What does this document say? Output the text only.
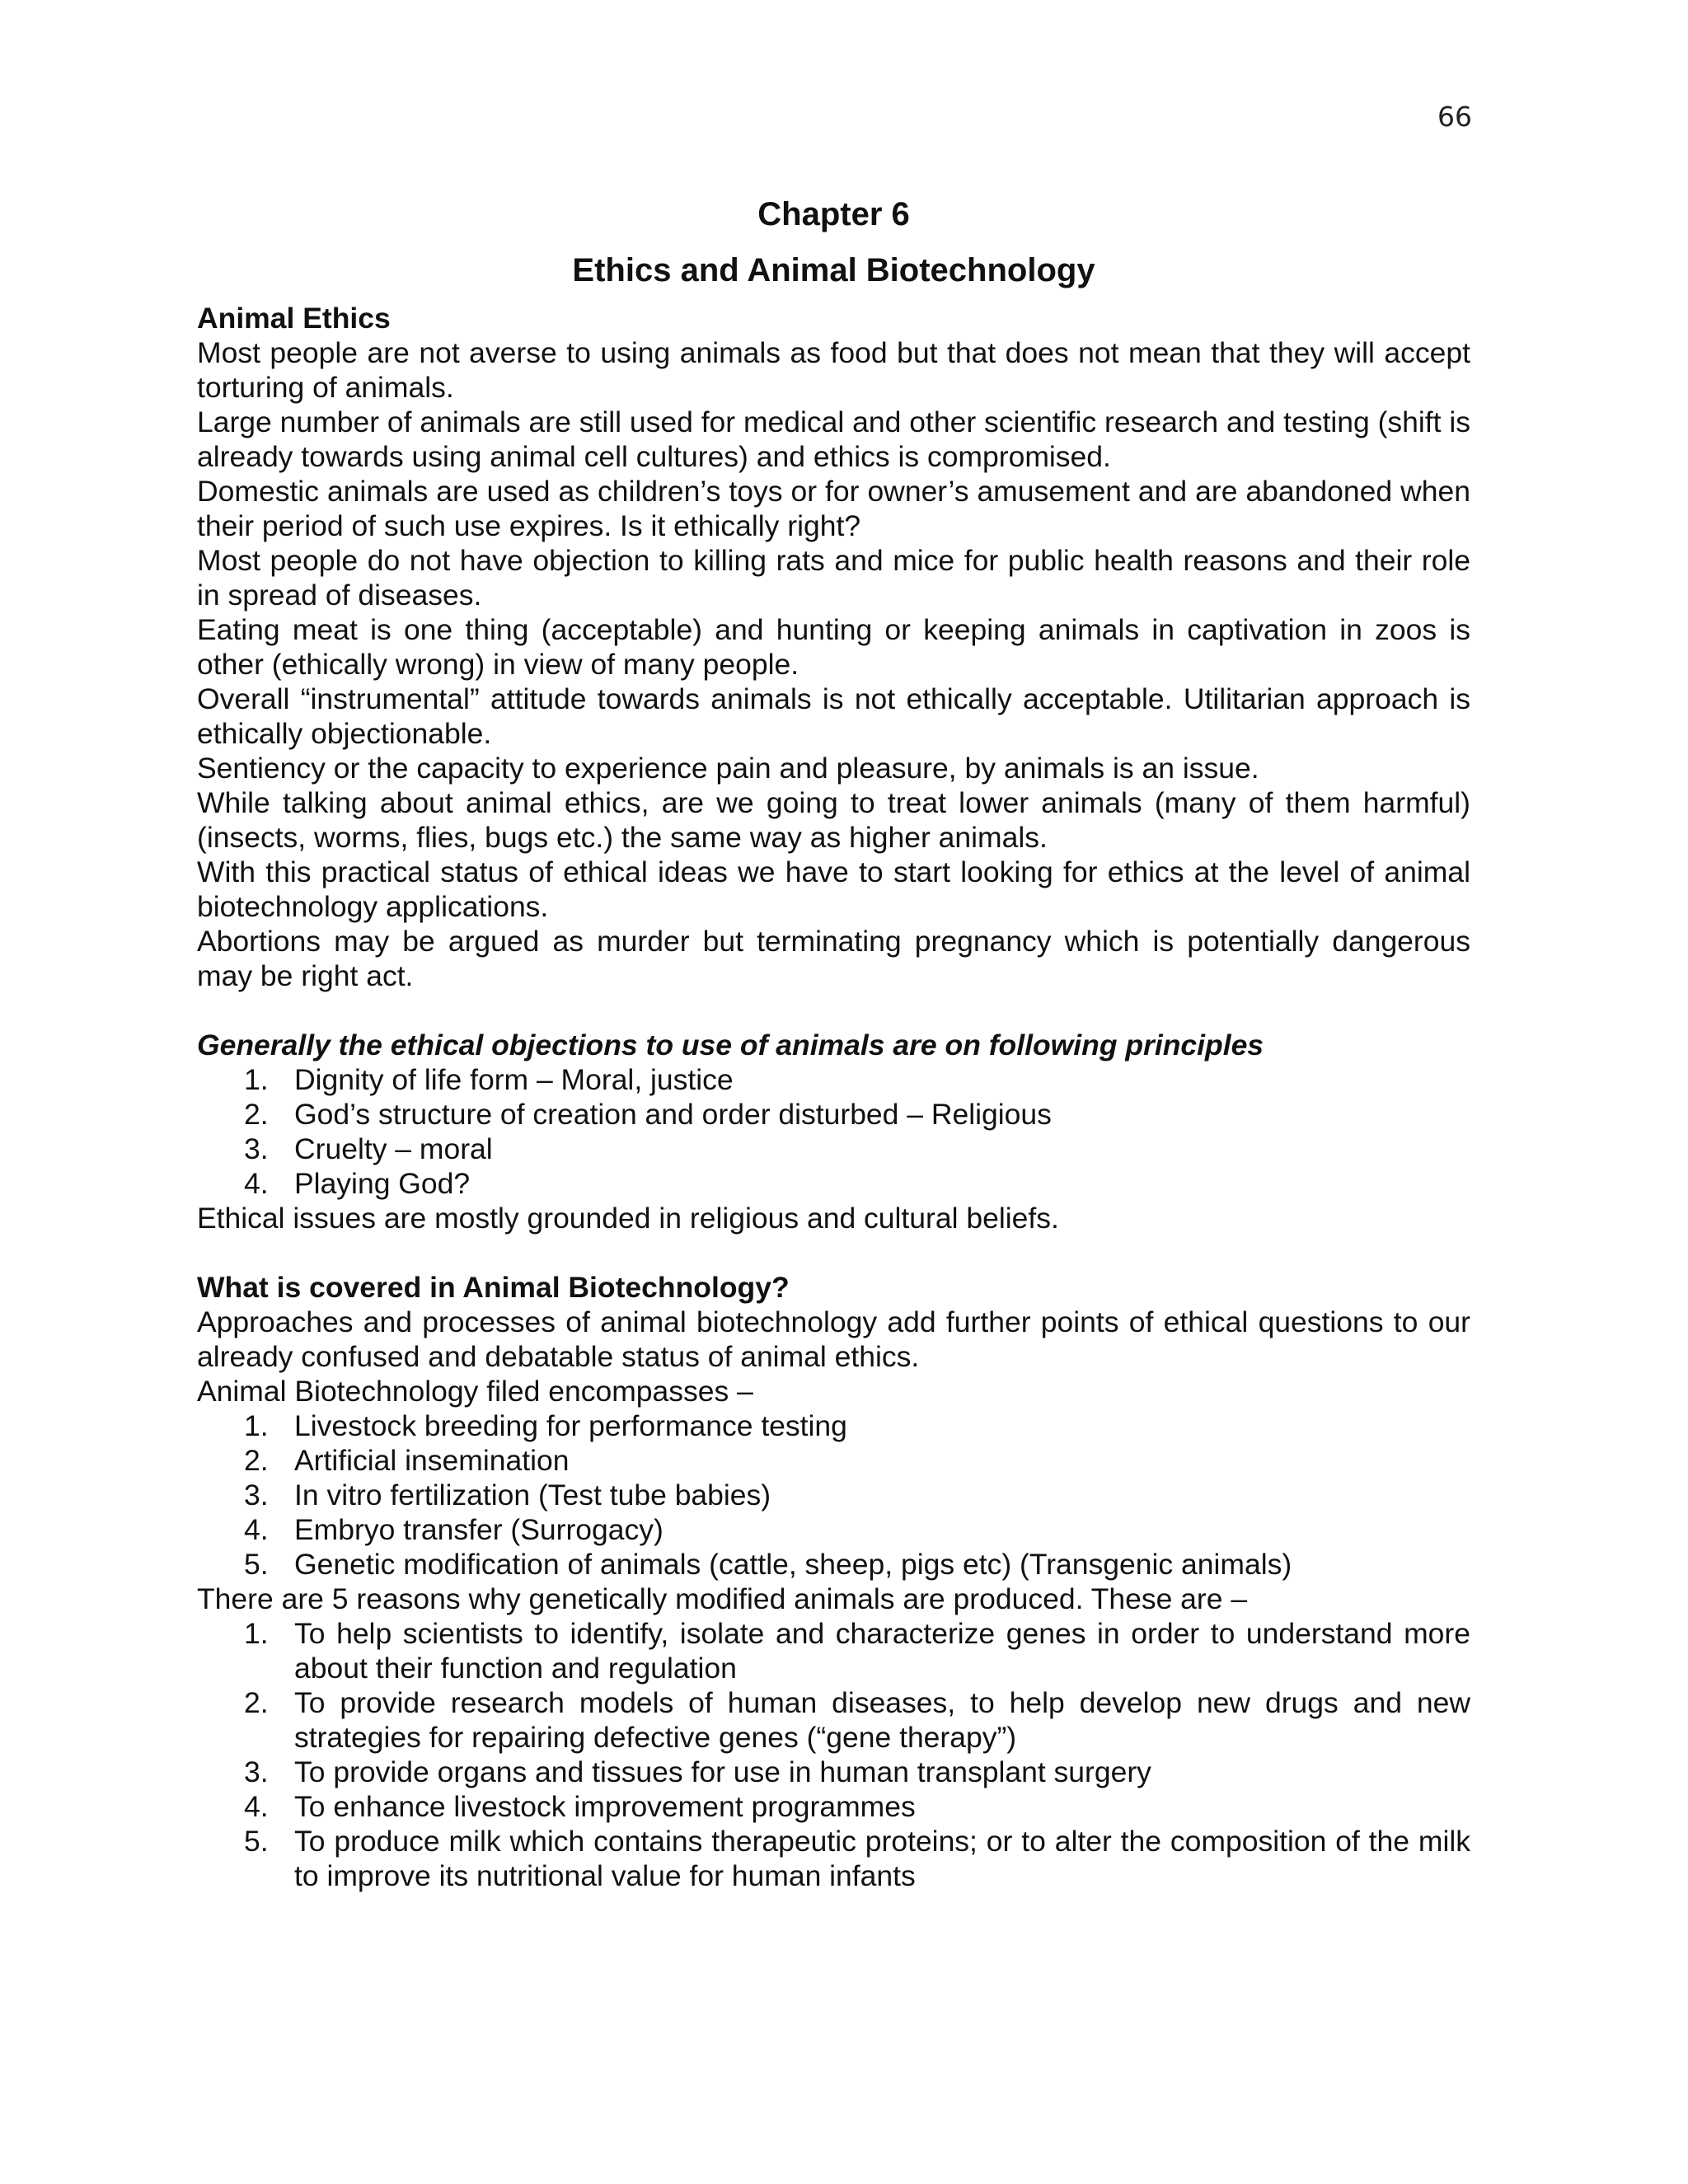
66
Chapter 6
Ethics and Animal Biotechnology
Animal Ethics

Most people are not averse to using animals as food but that does not mean that they will accept torturing of animals.

Large number of animals are still used for medical and other scientific research and testing (shift is already towards using animal cell cultures) and ethics is compromised.

Domestic animals are used as children’s toys or for owner’s amusement and are abandoned when their period of such use expires. Is it ethically right?

Most people do not have objection to killing rats and mice for public health reasons and their role in spread of diseases.

Eating meat is one thing (acceptable) and hunting or keeping animals in captivation in zoos is other (ethically wrong) in view of many people.

Overall “instrumental” attitude towards animals is not ethically acceptable. Utilitarian approach is ethically objectionable.

Sentiency or the capacity to experience pain and pleasure, by animals is an issue.

While talking about animal ethics, are we going to treat lower animals (many of them harmful) (insects, worms, flies, bugs etc.) the same way as higher animals.

With this practical status of ethical ideas we have to start looking for ethics at the level of animal biotechnology applications.

Abortions may be argued as murder but terminating pregnancy which is potentially dangerous may be right act.

Generally the ethical objections to use of animals are on following principles
1. Dignity of life form – Moral, justice
2. God’s structure of creation and order disturbed – Religious
3. Cruelty – moral
4. Playing God?

Ethical issues are mostly grounded in religious and cultural beliefs.

What is covered in Animal Biotechnology?

Approaches and processes of animal biotechnology add further points of ethical questions to our already confused and debatable status of animal ethics.

Animal Biotechnology filed encompasses –

1. Livestock breeding for performance testing
2. Artificial insemination
3. In vitro fertilization (Test tube babies)
4. Embryo transfer (Surrogacy)
5. Genetic modification of animals (cattle, sheep, pigs etc) (Transgenic animals)

There are 5 reasons why genetically modified animals are produced. These are –

1. To help scientists to identify, isolate and characterize genes in order to understand more about their function and regulation
2. To provide research models of human diseases, to help develop new drugs and new strategies for repairing defective genes (“gene therapy”)
3. To provide organs and tissues for use in human transplant surgery
4. To enhance livestock improvement programmes
5. To produce milk which contains therapeutic proteins; or to alter the composition of the milk to improve its nutritional value for human infants
